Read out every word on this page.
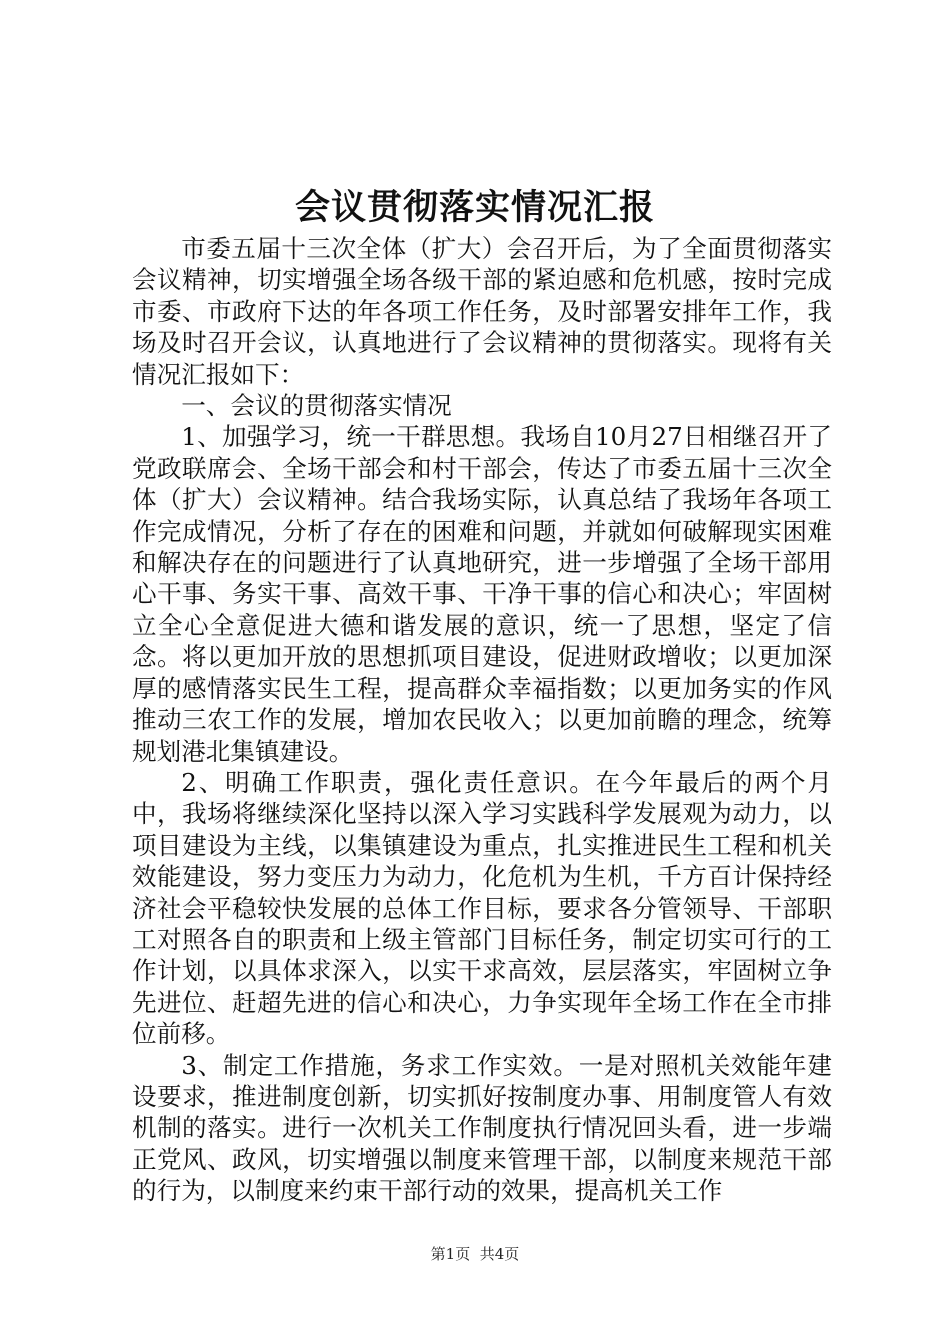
会议贯彻落实情况汇报

市委五届十三次全体（扩大）会召开后，为了全面贯彻落实会议精神，切实增强全场各级干部的紧迫感和危机感，按时完成市委、市政府下达的年各项工作任务，及时部署安排年工作，我场及时召开会议，认真地进行了会议精神的贯彻落实。现将有关情况汇报如下：

一、会议的贯彻落实情况

1、加强学习，统一干群思想。我场自10月27日相继召开了党政联席会、全场干部会和村干部会，传达了市委五届十三次全体（扩大）会议精神。结合我场实际，认真总结了我场年各项工作完成情况，分析了存在的困难和问题，并就如何破解现实困难和解决存在的问题进行了认真地研究，进一步增强了全场干部用心干事、务实干事、高效干事、干净干事的信心和决心；牢固树立全心全意促进大德和谐发展的意识，统一了思想，坚定了信念。将以更加开放的思想抓项目建设，促进财政增收；以更加深厚的感情落实民生工程，提高群众幸福指数；以更加务实的作风推动三农工作的发展，增加农民收入；以更加前瞻的理念，统筹规划港北集镇建设。

2、明确工作职责，强化责任意识。在今年最后的两个月中，我场将继续深化坚持以深入学习实践科学发展观为动力，以项目建设为主线，以集镇建设为重点，扎实推进民生工程和机关效能建设，努力变压力为动力，化危机为生机，千方百计保持经济社会平稳较快发展的总体工作目标，要求各分管领导、干部职工对照各自的职责和上级主管部门目标任务，制定切实可行的工作计划，以具体求深入，以实干求高效，层层落实，牢固树立争先进位、赶超先进的信心和决心，力争实现年全场工作在全市排位前移。

3、制定工作措施，务求工作实效。一是对照机关效能年建设要求，推进制度创新，切实抓好按制度办事、用制度管人有效机制的落实。进行一次机关工作制度执行情况回头看，进一步端正党风、政风，切实增强以制度来管理干部，以制度来规范干部的行为，以制度来约束干部行动的效果，提高机关工作

第1页 共4页
